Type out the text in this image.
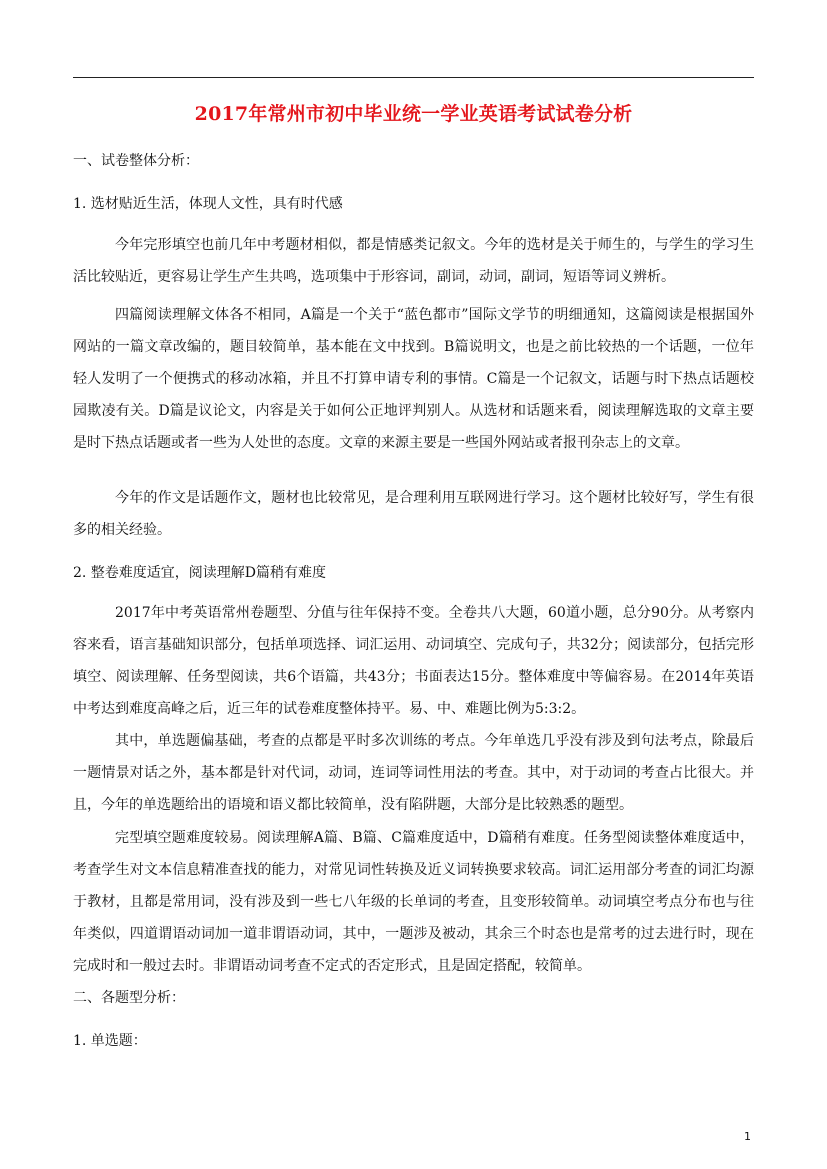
2017年常州市初中毕业统一学业英语考试试卷分析
一、试卷整体分析：
1. 选材贴近生活，体现人文性，具有时代感

今年完形填空也前几年中考题材相似，都是情感类记叙文。今年的选材是关于师生的，与学生的学习生活比较贴近，更容易让学生产生共鸣，选项集中于形容词，副词，动词，副词，短语等词义辨析。

四篇阅读理解文体各不相同，A篇是一个关于“蓝色都市”国际文学节的明细通知，这篇阅读是根据国外网站的一篇文章改编的，题目较简单，基本能在文中找到。B篇说明文，也是之前比较热的一个话题，一位年轻人发明了一个便携式的移动冰箱，并且不打算申请专利的事情。C篇是一个记叙文，话题与时下热点话题校园欺凌有关。D篇是议论文，内容是关于如何公正地评判别人。从选材和话题来看，阅读理解选取的文章主要是时下热点话题或者一些为人处世的态度。文章的来源主要是一些国外网站或者报刊杂志上的文章。

今年的作文是话题作文，题材也比较常见，是合理利用互联网进行学习。这个题材比较好写，学生有很多的相关经验。

2. 整卷难度适宜，阅读理解D篇稍有难度

2017年中考英语常州卷题型、分值与往年保持不变。全卷共八大题，60道小题，总分90分。从考察内容来看，语言基础知识部分，包括单项选择、词汇运用、动词填空、完成句子，共32分；阅读部分，包括完形填空、阅读理解、任务型阅读，共6个语篇，共43分；书面表达15分。整体难度中等偏容易。在2014年英语中考达到难度高峰之后，近三年的试卷难度整体持平。易、中、难题比例为5:3:2。

其中，单选题偏基础，考查的点都是平时多次训练的考点。今年单选几乎没有涉及到句法考点，除最后一题情景对话之外，基本都是针对代词，动词，连词等词性用法的考查。其中，对于动词的考查占比很大。并且，今年的单选题给出的语境和语义都比较简单，没有陷阱题，大部分是比较熟悉的题型。

完型填空题难度较易。阅读理解A篇、B篇、C篇难度适中，D篇稍有难度。任务型阅读整体难度适中，考查学生对文本信息精准查找的能力，对常见词性转换及近义词转换要求较高。词汇运用部分考查的词汇均源于教材，且都是常用词，没有涉及到一些七八年级的长单词的考查，且变形较简单。动词填空考点分布也与往年类似，四道谓语动词加一道非谓语动词，其中，一题涉及被动，其余三个时态也是常考的过去进行时，现在完成时和一般过去时。非谓语动词考查不定式的否定形式，且是固定搭配，较简单。

二、各题型分析：
1. 单选题：
1
